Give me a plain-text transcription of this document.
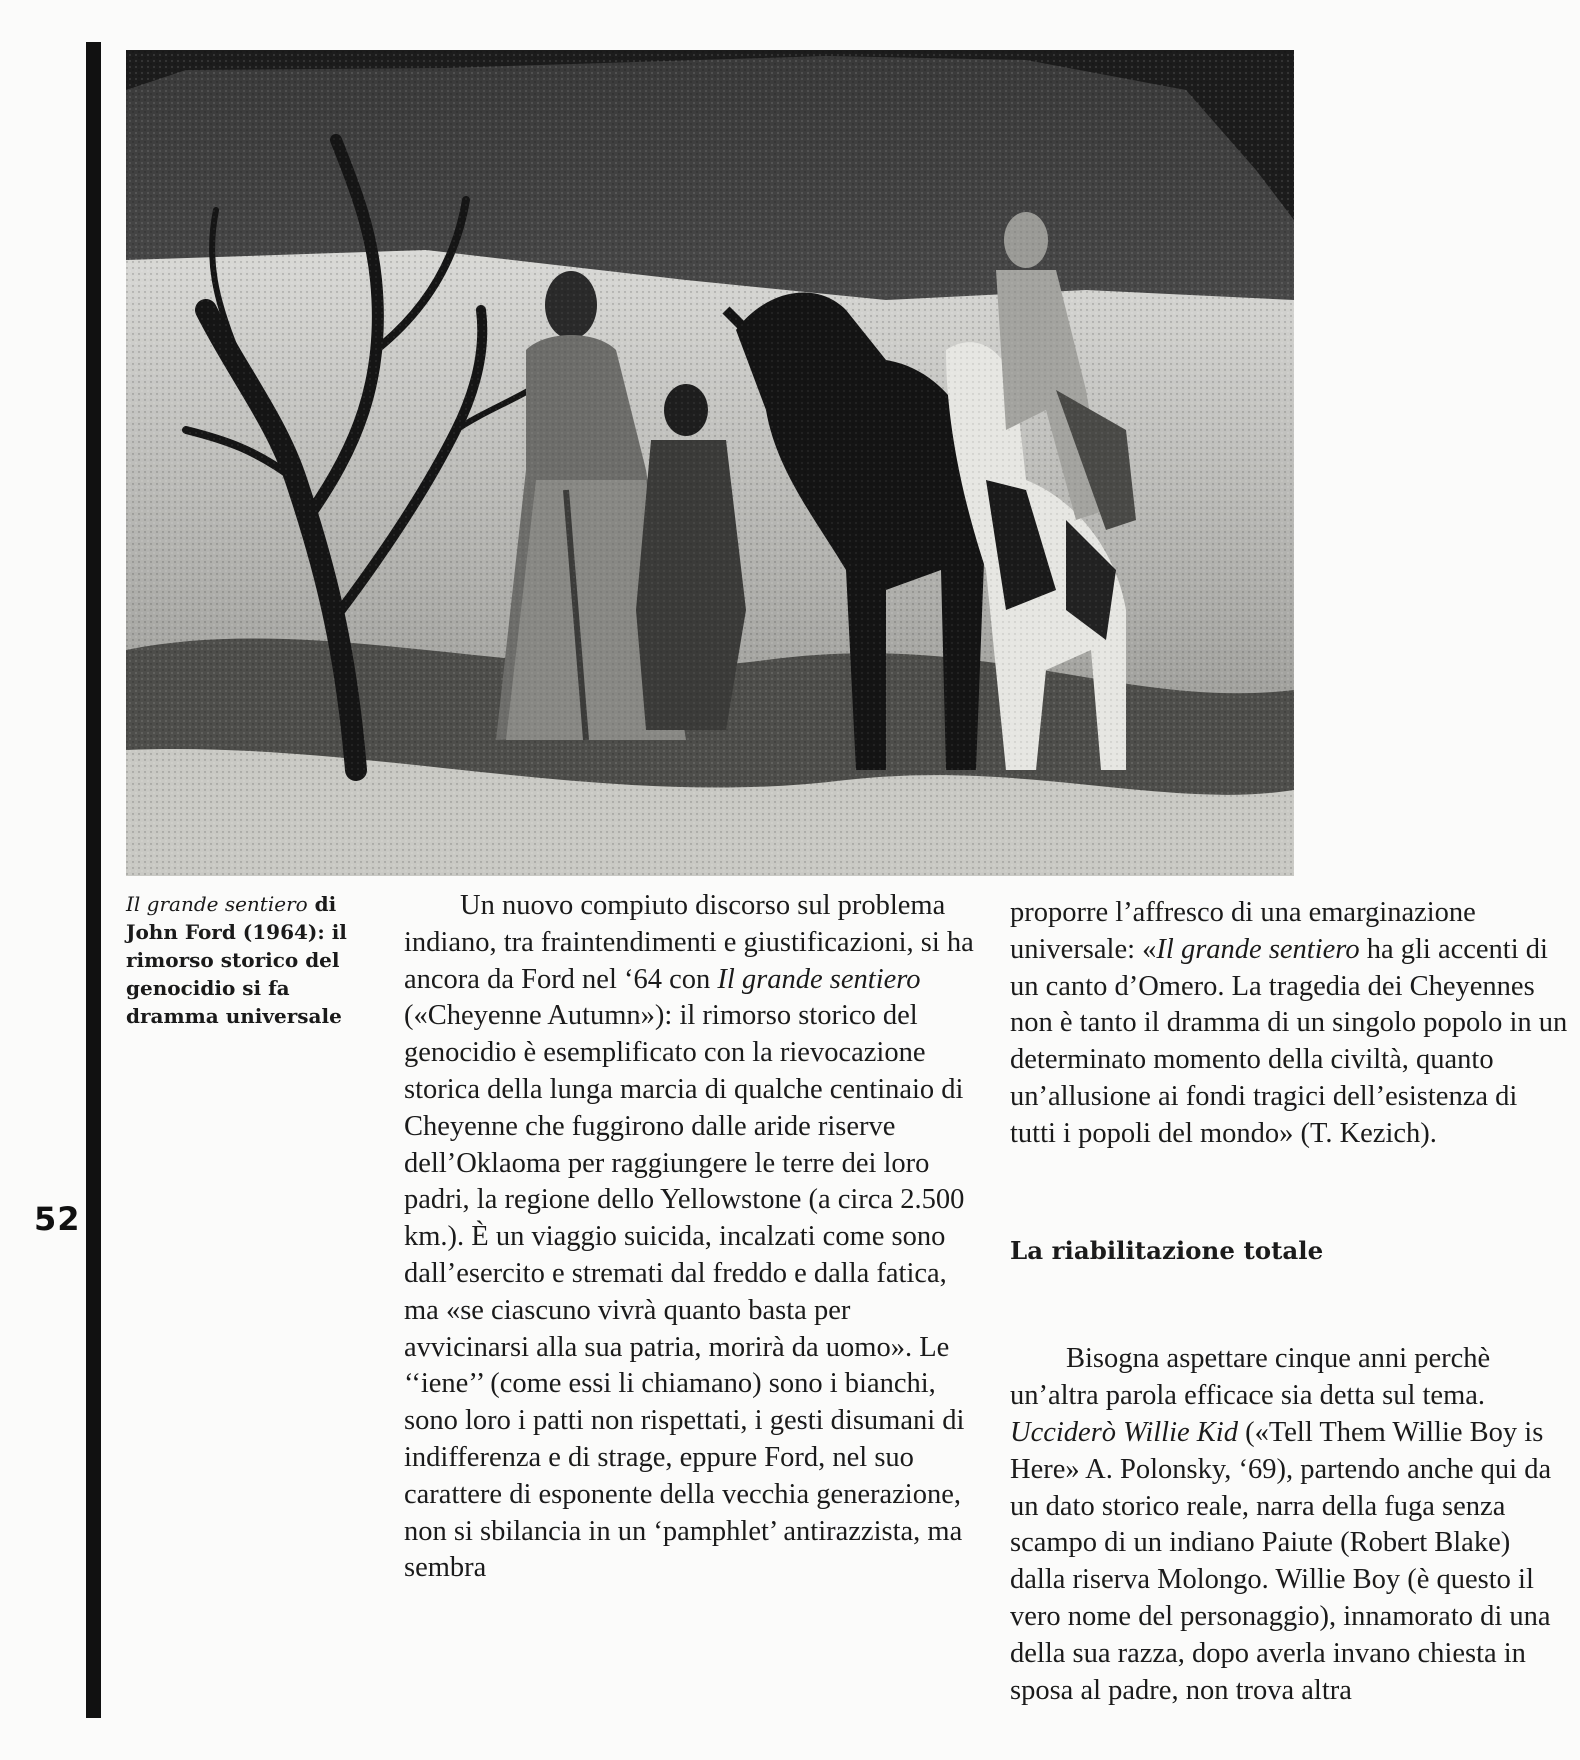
52
Il grande sentiero di John Ford (1964): il rimorso storico del genocidio si fa dramma universale

Un nuovo compiuto discorso sul problema indiano, tra fraintendimenti e giustificazioni, si ha ancora da Ford nel ‘64 con Il grande sentiero («Cheyenne Autumn»): il rimorso storico del genocidio è esemplificato con la rievocazione storica della lunga marcia di qualche centinaio di Cheyenne che fuggirono dalle aride riserve dell’Oklaoma per raggiungere le terre dei loro padri, la regione dello Yellowstone (a circa 2.500 km.). È un viaggio suicida, incalzati come sono dall’esercito e stremati dal freddo e dalla fatica, ma «se ciascuno vivrà quanto basta per avvicinarsi alla sua patria, morirà da uomo». Le ‘‘iene’’ (come essi li chiamano) sono i bianchi, sono loro i patti non rispettati, i gesti disumani di indifferenza e di strage, eppure Ford, nel suo carattere di esponente della vecchia generazione, non si sbilancia in un ‘pamphlet’ antirazzista, ma sembra

proporre l’affresco di una emarginazione universale: «Il grande sentiero ha gli accenti di un canto d’Omero. La tragedia dei Cheyennes non è tanto il dramma di un singolo popolo in un determinato momento della civiltà, quanto un’allusione ai fondi tragici dell’esistenza di tutti i popoli del mondo» (T. Kezich).

La riabilitazione totale

Bisogna aspettare cinque anni perchè un’altra parola efficace sia detta sul tema. Ucciderò Willie Kid («Tell Them Willie Boy is Here» A. Polonsky, ‘69), partendo anche qui da un dato storico reale, narra della fuga senza scampo di un indiano Paiute (Robert Blake) dalla riserva Molongo. Willie Boy (è questo il vero nome del personaggio), innamorato di una della sua razza, dopo averla invano chiesta in sposa al padre, non trova altra
